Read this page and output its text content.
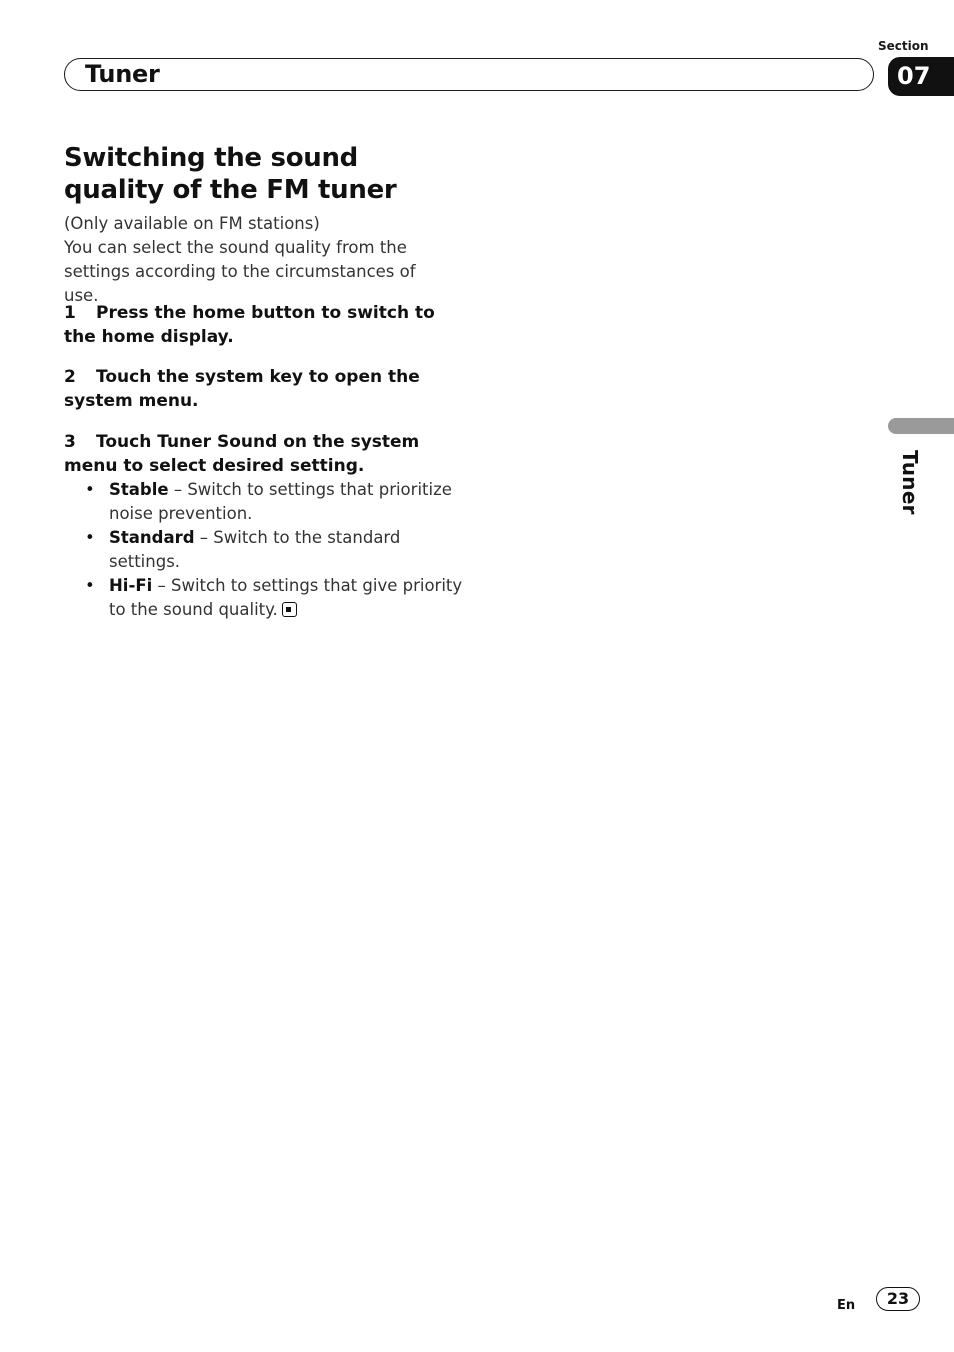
Section
Tuner	07
Switching the sound quality of the FM tuner

(Only available on FM stations)

You can select the sound quality from the settings according to the circumstances of use.

1 Press the home button to switch to the home display.

2 Touch the system key to open the system menu.

3 Touch Tuner Sound on the system menu to select desired setting.

• Stable – Switch to settings that prioritize noise prevention.
• Standard – Switch to the standard settings.
• Hi-Fi – Switch to settings that give priority to the sound quality.
Tuner
En	23
